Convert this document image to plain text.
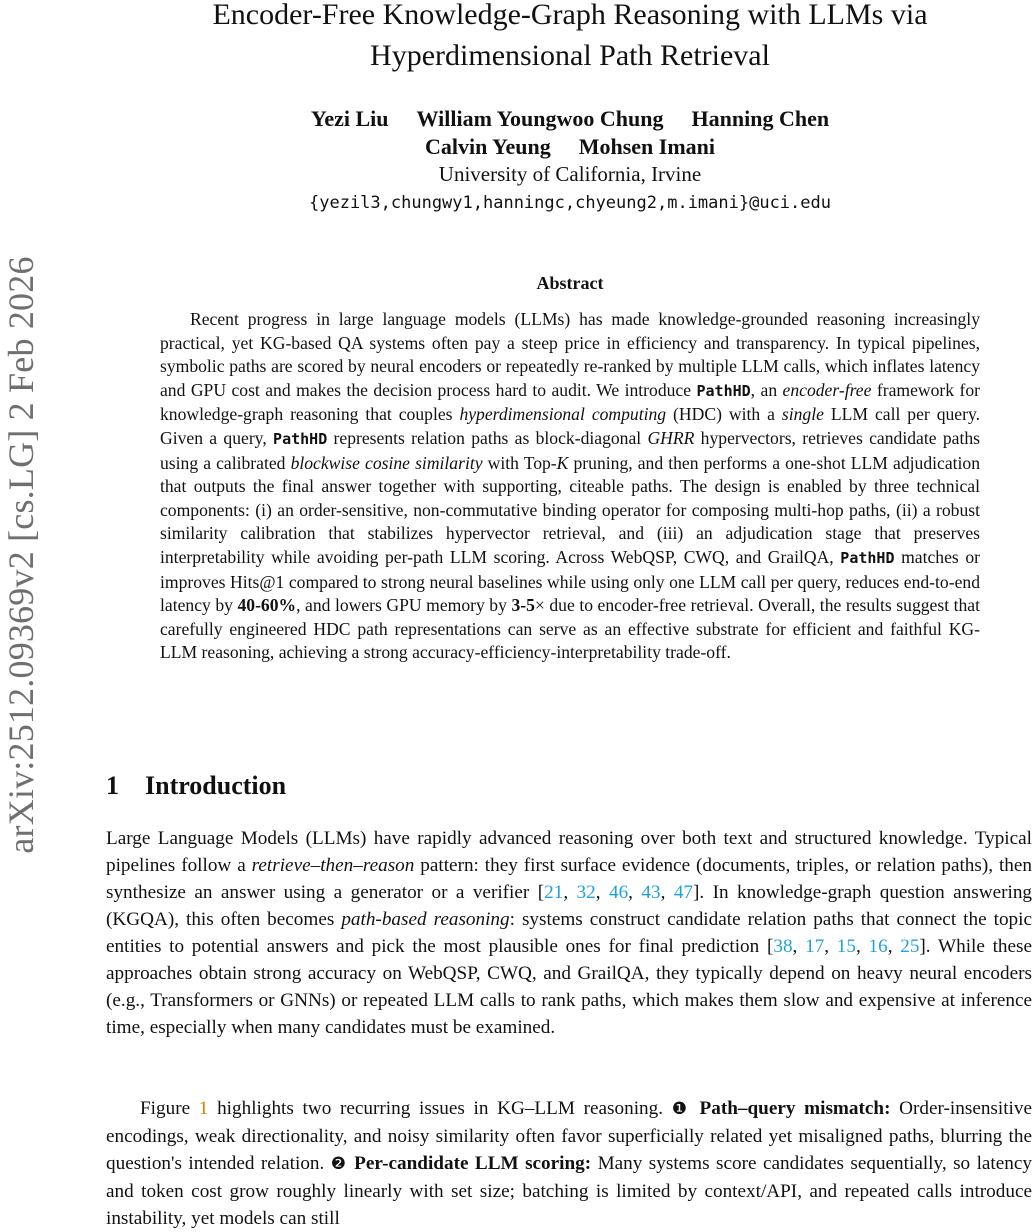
arXiv:2512.09369v2 [cs.LG] 2 Feb 2026
Encoder-Free Knowledge-Graph Reasoning with LLMs via
Hyperdimensional Path Retrieval
Yezi Liu William Youngwoo Chung Hanning Chen
Calvin Yeung Mohsen Imani
University of California, Irvine
{yezil3,chungwy1,hanningc,chyeung2,m.imani}@uci.edu
Abstract

Recent progress in large language models (LLMs) has made knowledge-grounded reasoning increasingly practical, yet KG-based QA systems often pay a steep price in efficiency and transparency. In typical pipelines, symbolic paths are scored by neural encoders or repeatedly re-ranked by multiple LLM calls, which inflates latency and GPU cost and makes the decision process hard to audit. We introduce PathHD, an encoder-free framework for knowledge-graph reasoning that couples hyperdimensional computing (HDC) with a single LLM call per query. Given a query, PathHD represents relation paths as block-diagonal GHRR hypervectors, retrieves candidate paths using a calibrated blockwise cosine similarity with Top-K pruning, and then performs a one-shot LLM adjudication that outputs the final answer together with supporting, citeable paths. The design is enabled by three technical components: (i) an order-sensitive, non-commutative binding operator for composing multi-hop paths, (ii) a robust similarity calibration that stabilizes hypervector retrieval, and (iii) an adjudication stage that preserves interpretability while avoiding per-path LLM scoring. Across WebQSP, CWQ, and GrailQA, PathHD matches or improves Hits@1 compared to strong neural baselines while using only one LLM call per query, reduces end-to-end latency by 40-60%, and lowers GPU memory by 3-5× due to encoder-free retrieval. Overall, the results suggest that carefully engineered HDC path representations can serve as an effective substrate for efficient and faithful KG-LLM reasoning, achieving a strong accuracy-efficiency-interpretability trade-off.

1 Introduction

Large Language Models (LLMs) have rapidly advanced reasoning over both text and structured knowledge. Typical pipelines follow a retrieve–then–reason pattern: they first surface evidence (documents, triples, or relation paths), then synthesize an answer using a generator or a verifier [21, 32, 46, 43, 47]. In knowledge-graph question answering (KGQA), this often becomes path-based reasoning: systems construct candidate relation paths that connect the topic entities to potential answers and pick the most plausible ones for final prediction [38, 17, 15, 16, 25]. While these approaches obtain strong accuracy on WebQSP, CWQ, and GrailQA, they typically depend on heavy neural encoders (e.g., Transformers or GNNs) or repeated LLM calls to rank paths, which makes them slow and expensive at inference time, especially when many candidates must be examined.

Figure 1 highlights two recurring issues in KG–LLM reasoning. ❶ Path–query mismatch: Order-insensitive encodings, weak directionality, and noisy similarity often favor superficially related yet misaligned paths, blurring the question's intended relation. ❷ Per-candidate LLM scoring: Many systems score candidates sequentially, so latency and token cost grow roughly linearly with set size; batching is limited by context/API, and repeated calls introduce instability, yet models can still
